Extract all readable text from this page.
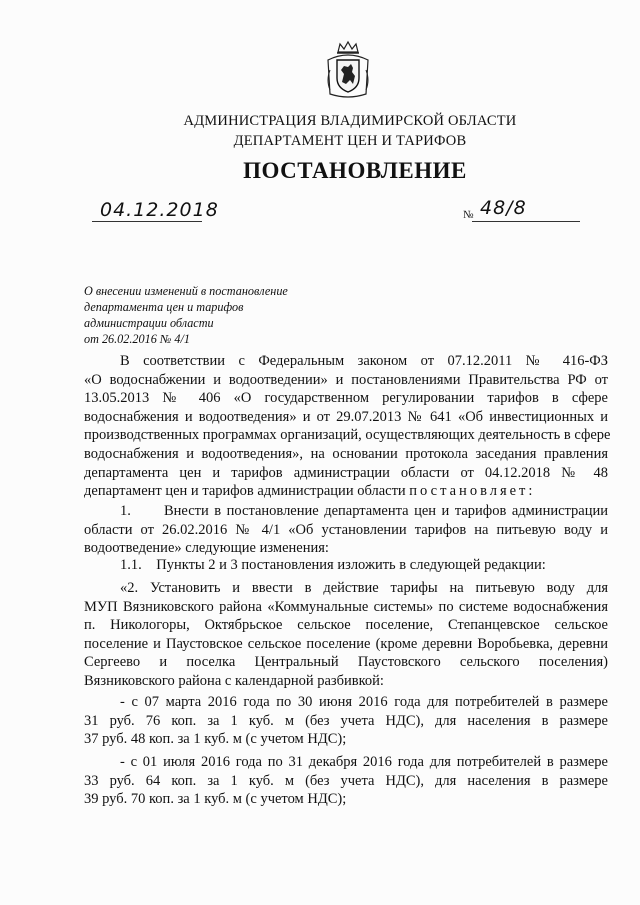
АДМИНИСТРАЦИЯ ВЛАДИМИРСКОЙ ОБЛАСТИ
ДЕПАРТАМЕНТ ЦЕН И ТАРИФОВ
ПОСТАНОВЛЕНИЕ
04.12.2018	№ 48/8
О внесении изменений в постановление
департамента цен и тарифов
администрации области
от 26.02.2016 № 4/1
В соответствии с Федеральным законом от 07.12.2011 № 416-ФЗ
«О водоснабжении и водоотведении» и постановлениями Правительства РФ от
13.05.2013 № 406 «О государственном регулировании тарифов в сфере
водоснабжения и водоотведения» и от 29.07.2013 № 641 «Об инвестиционных и
производственных программах организаций, осуществляющих деятельность в сфере
водоснабжения и водоотведения», на основании протокола заседания правления
департамента цен и тарифов администрации области от 04.12.2018 № 48
департамент цен и тарифов администрации области постановляет:
1.      Внести в постановление департамента цен и тарифов администрации
области от 26.02.2016 № 4/1 «Об установлении тарифов на питьевую воду и
водоотведение» следующие изменения:
1.1.    Пункты 2 и 3 постановления изложить в следующей редакции:
«2. Установить и ввести в действие тарифы на питьевую воду для
МУП Вязниковского района «Коммунальные системы» по системе водоснабжения
п. Никологоры, Октябрьское сельское поселение, Степанцевское сельское
поселение и Паустовское сельское поселение (кроме деревни Воробьевка, деревни
Сергеево и поселка Центральный Паустовского сельского поселения)
Вязниковского района с календарной разбивкой:
- с 07 марта 2016 года по 30 июня 2016 года для потребителей в размере
31 руб. 76 коп. за 1 куб. м (без учета НДС), для населения в размере
37 руб. 48 коп. за 1 куб. м (с учетом НДС);
- с 01 июля 2016 года по 31 декабря 2016 года для потребителей в размере
33 руб. 64 коп. за 1 куб. м (без учета НДС), для населения в размере
39 руб. 70 коп. за 1 куб. м (с учетом НДС);
